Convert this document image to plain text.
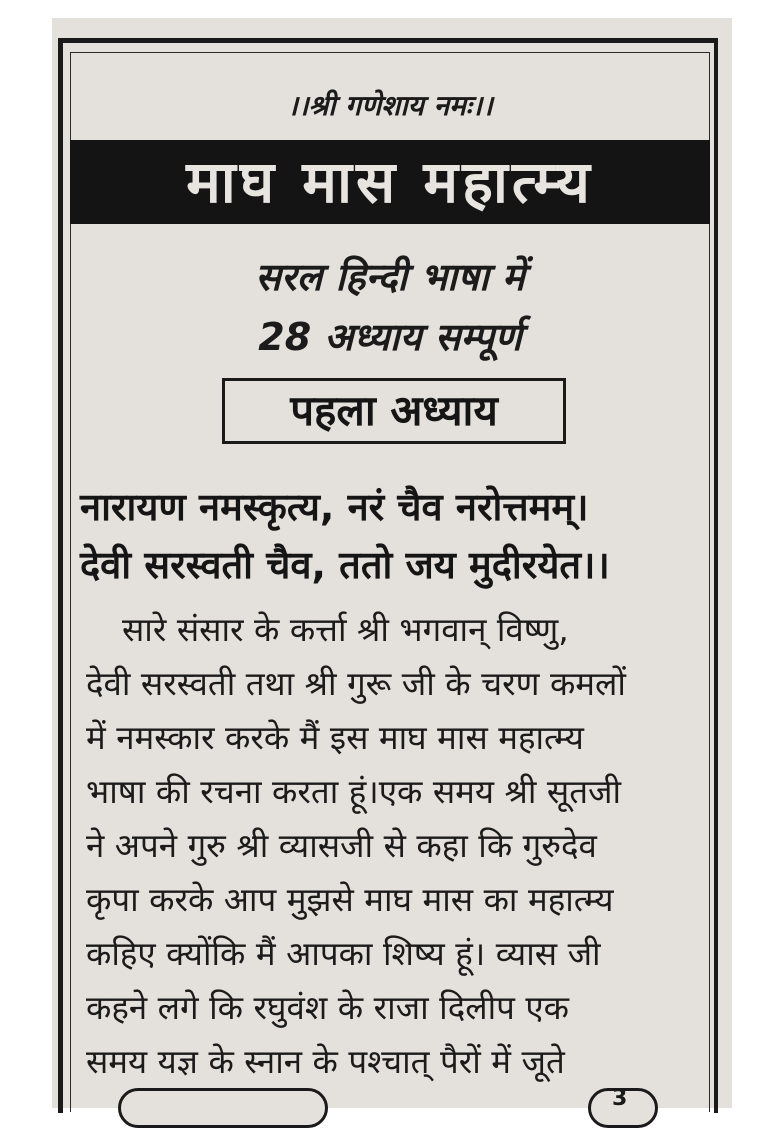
।।श्री गणेशाय नमः।।
माघ मास महात्म्य
सरल हिन्दी भाषा में
28 अध्याय सम्पूर्ण
पहला अध्याय
नारायण नमस्कृत्य, नरं चैव नरोत्तमम्।
देवी सरस्वती चैव, ततो जय मुदीरयेत।।
सारे संसार के कर्त्ता श्री भगवान् विष्णु,
देवी सरस्वती तथा श्री गुरू जी के चरण कमलों
में नमस्कार करके मैं इस माघ मास महात्म्य
भाषा की रचना करता हूं।एक समय श्री सूतजी
ने अपने गुरु श्री व्यासजी से कहा कि गुरुदेव
कृपा करके आप मुझसे माघ मास का महात्म्य
कहिए क्योंकि मैं आपका शिष्य हूं। व्यास जी
कहने लगे कि रघुवंश के राजा दिलीप एक
समय यज्ञ के स्नान के पश्चात् पैरों में जूते
3
